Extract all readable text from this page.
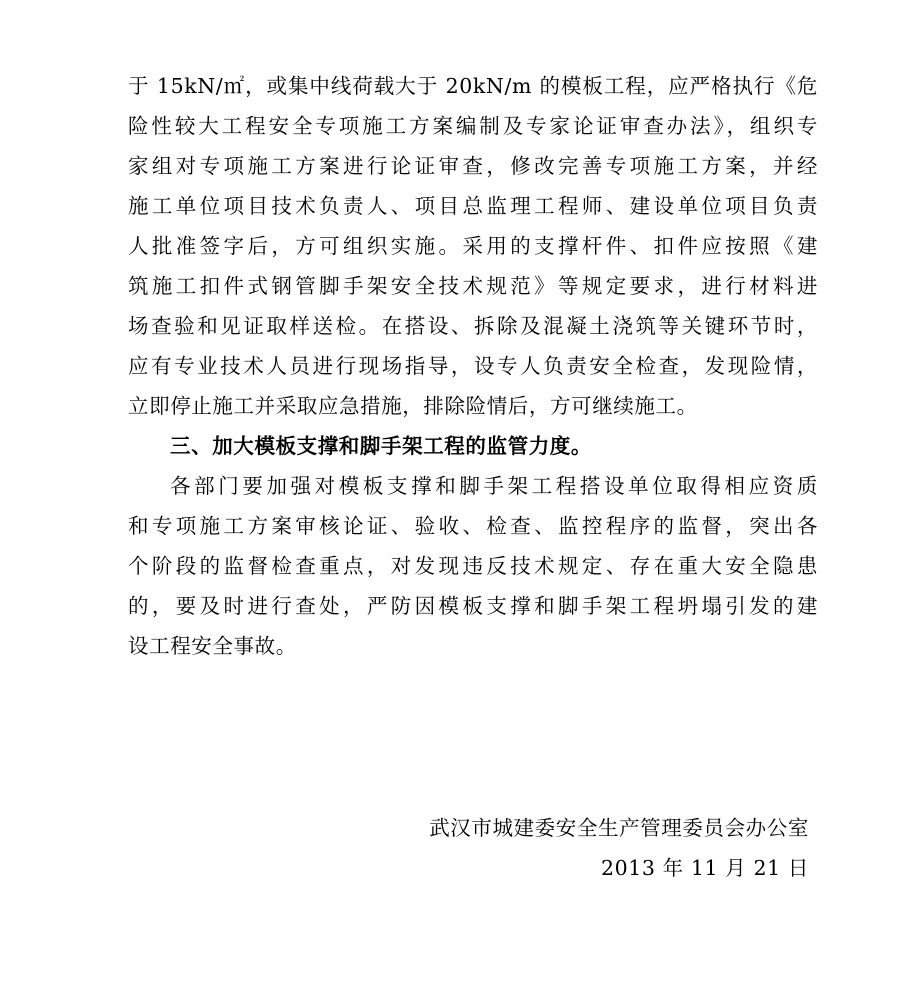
于 15kN/㎡，或集中线荷载大于 20kN/m 的模板工程，应严格执行《危
险性较大工程安全专项施工方案编制及专家论证审查办法》，组织专
家组对专项施工方案进行论证审查，修改完善专项施工方案，并经
施工单位项目技术负责人、项目总监理工程师、建设单位项目负责
人批准签字后，方可组织实施。采用的支撑杆件、扣件应按照《建
筑施工扣件式钢管脚手架安全技术规范》等规定要求，进行材料进
场查验和见证取样送检。在搭设、拆除及混凝土浇筑等关键环节时，
应有专业技术人员进行现场指导，设专人负责安全检查，发现险情，
立即停止施工并采取应急措施，排除险情后，方可继续施工。
三、加大模板支撑和脚手架工程的监管力度。
各部门要加强对模板支撑和脚手架工程搭设单位取得相应资质
和专项施工方案审核论证、验收、检查、监控程序的监督，突出各
个阶段的监督检查重点，对发现违反技术规定、存在重大安全隐患
的，要及时进行查处，严防因模板支撑和脚手架工程坍塌引发的建
设工程安全事故。
武汉市城建委安全生产管理委员会办公室
2013 年 11 月 21 日
